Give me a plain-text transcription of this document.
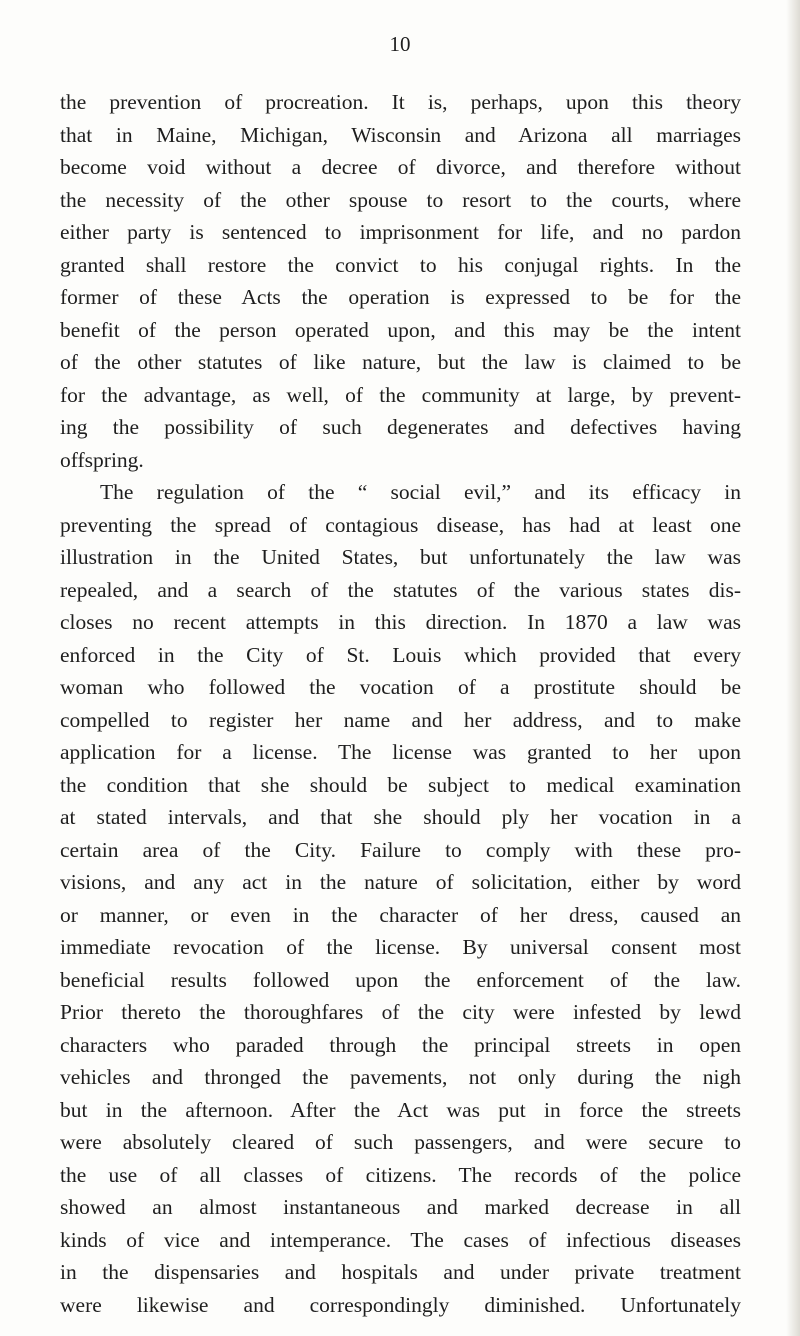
10
the prevention of procreation. It is, perhaps, upon this theory
that in Maine, Michigan, Wisconsin and Arizona all marriages
become void without a decree of divorce, and therefore without
the necessity of the other spouse to resort to the courts, where
either party is sentenced to imprisonment for life, and no pardon
granted shall restore the convict to his conjugal rights. In the
former of these Acts the operation is expressed to be for the
benefit of the person operated upon, and this may be the intent
of the other statutes of like nature, but the law is claimed to be
for the advantage, as well, of the community at large, by prevent-
ing the possibility of such degenerates and defectives having
offspring.
The regulation of the “ social evil,” and its efficacy in
preventing the spread of contagious disease, has had at least one
illustration in the United States, but unfortunately the law was
repealed, and a search of the statutes of the various states dis-
closes no recent attempts in this direction. In 1870 a law was
enforced in the City of St. Louis which provided that every
woman who followed the vocation of a prostitute should be
compelled to register her name and her address, and to make
application for a license. The license was granted to her upon
the condition that she should be subject to medical examination
at stated intervals, and that she should ply her vocation in a
certain area of the City. Failure to comply with these pro-
visions, and any act in the nature of solicitation, either by word
or manner, or even in the character of her dress, caused an
immediate revocation of the license. By universal consent most
beneficial results followed upon the enforcement of the law.
Prior thereto the thoroughfares of the city were infested by lewd
characters who paraded through the principal streets in open
vehicles and thronged the pavements, not only during the nigh
but in the afternoon. After the Act was put in force the streets
were absolutely cleared of such passengers, and were secure to
the use of all classes of citizens. The records of the police
showed an almost instantaneous and marked decrease in all
kinds of vice and intemperance. The cases of infectious diseases
in the dispensaries and hospitals and under private treatment
were likewise and correspondingly diminished. Unfortunately
